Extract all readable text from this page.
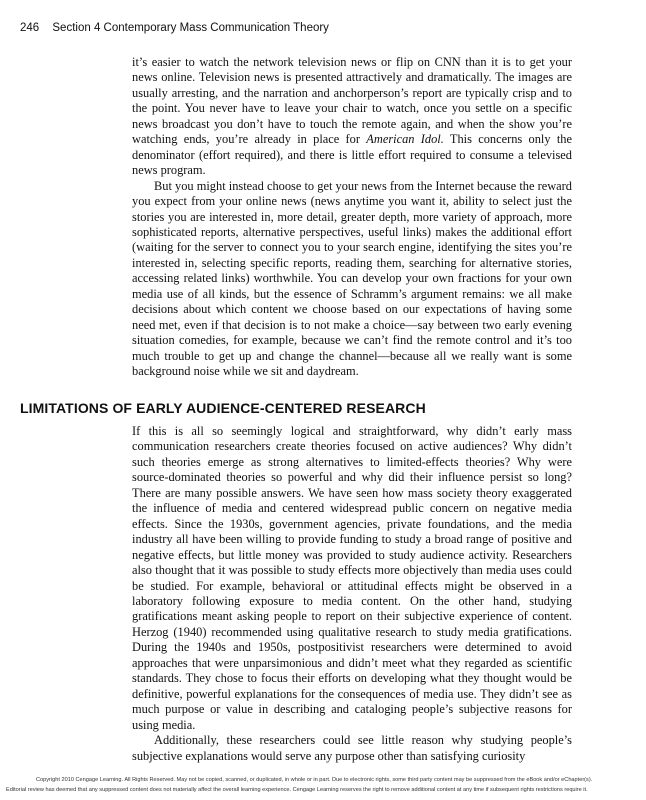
246 Section 4 Contemporary Mass Communication Theory

it’s easier to watch the network television news or flip on CNN than it is to get your news online. Television news is presented attractively and dramatically. The images are usually arresting, and the narration and anchorperson’s report are typically crisp and to the point. You never have to leave your chair to watch, once you settle on a specific news broadcast you don’t have to touch the remote again, and when the show you’re watching ends, you’re already in place for American Idol. This concerns only the denominator (effort required), and there is little effort required to consume a televised news program.

But you might instead choose to get your news from the Internet because the reward you expect from your online news (news anytime you want it, ability to select just the stories you are interested in, more detail, greater depth, more variety of approach, more sophisticated reports, alternative perspectives, useful links) makes the additional effort (waiting for the server to connect you to your search engine, identifying the sites you’re interested in, selecting specific reports, reading them, searching for alternative stories, accessing related links) worthwhile. You can develop your own fractions for your own media use of all kinds, but the essence of Schramm’s argument remains: we all make decisions about which content we choose based on our expectations of having some need met, even if that decision is to not make a choice—say between two early evening situation comedies, for example, because we can’t find the remote control and it’s too much trouble to get up and change the channel—because all we really want is some background noise while we sit and daydream.

LIMITATIONS OF EARLY AUDIENCE-CENTERED RESEARCH

If this is all so seemingly logical and straightforward, why didn’t early mass communication researchers create theories focused on active audiences? Why didn’t such theories emerge as strong alternatives to limited-effects theories? Why were source-dominated theories so powerful and why did their influence persist so long? There are many possible answers. We have seen how mass society theory exaggerated the influence of media and centered widespread public concern on negative media effects. Since the 1930s, government agencies, private foundations, and the media industry all have been willing to provide funding to study a broad range of positive and negative effects, but little money was provided to study audience activity. Researchers also thought that it was possible to study effects more objectively than media uses could be studied. For example, behavioral or attitudinal effects might be observed in a laboratory following exposure to media content. On the other hand, studying gratifications meant asking people to report on their subjective experience of content. Herzog (1940) recommended using qualitative research to study media gratifications. During the 1940s and 1950s, postpositivist researchers were determined to avoid approaches that were unparsimonious and didn’t meet what they regarded as scientific standards. They chose to focus their efforts on developing what they thought would be definitive, powerful explanations for the consequences of media use. They didn’t see as much purpose or value in describing and cataloging people’s subjective reasons for using media.

Additionally, these researchers could see little reason why studying people’s subjective explanations would serve any purpose other than satisfying curiosity

Copyright 2010 Cengage Learning. All Rights Reserved. May not be copied, scanned, or duplicated, in whole or in part. Due to electronic rights, some third party content may be suppressed from the eBook and/or eChapter(s).
Editorial review has deemed that any suppressed content does not materially affect the overall learning experience. Cengage Learning reserves the right to remove additional content at any time if subsequent rights restrictions require it.
